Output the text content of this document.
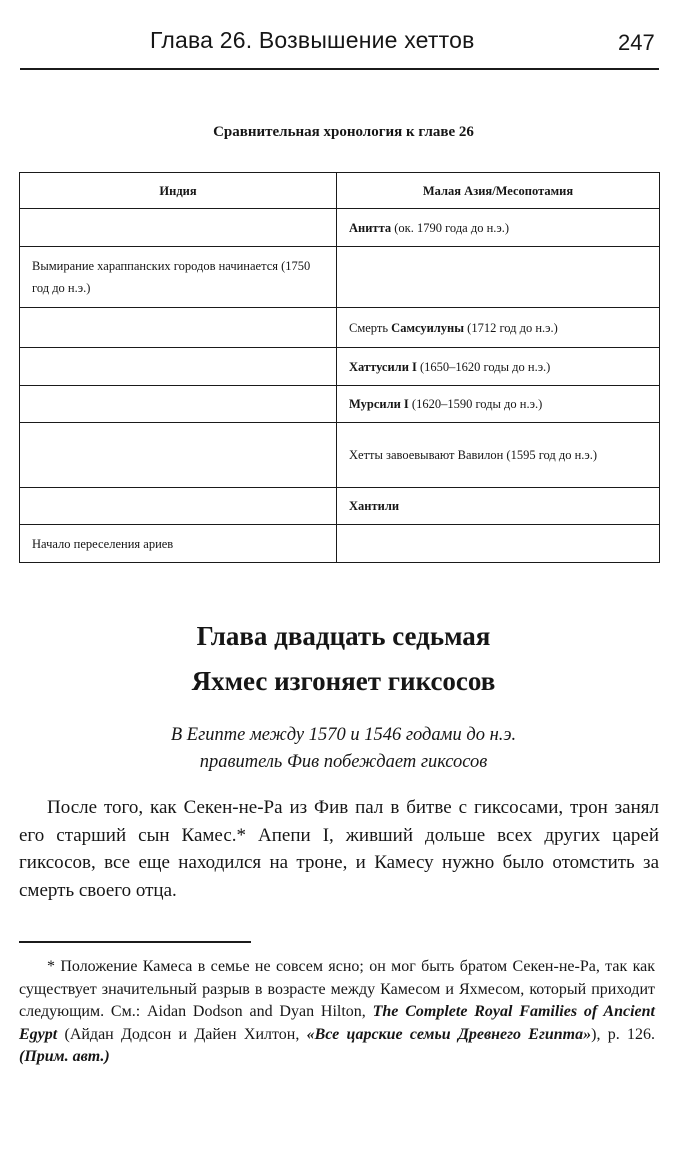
Глава 26. Возвышение хеттов	247
Сравнительная хронология к главе 26
Индия	Малая Азия/Месопотамия
	Анитта (ок. 1790 года до н.э.)
Вымирание хараппанских городов начинается (1750 год до н.э.)	
	Смерть Самсуилуны (1712 год до н.э.)
	Хаттусили I (1650–1620 годы до н.э.)
	Мурсили I (1620–1590 годы до н.э.)
	Хетты завоевывают Вавилон (1595 год до н.э.)
	Хантили
Начало переселения ариев	
Глава двадцать седьмая
Яхмес изгоняет гиксосов
В Египте между 1570 и 1546 годами до н.э.
правитель Фив побеждает гиксосов

После того, как Секен-не-Ра из Фив пал в битве с гиксосами, трон занял его старший сын Камес.* Апепи I, живший дольше всех других царей гиксосов, все еще находился на троне, и Камесу нужно было отомстить за смерть своего отца.

* Положение Камеса в семье не совсем ясно; он мог быть братом Секен-не-Ра, так как существует значительный разрыв в возрасте между Камесом и Яхмесом, который приходит следующим. См.: Aidan Dodson and Dyan Hilton, The Complete Royal Families of Ancient Egypt (Айдан Додсон и Дайен Хилтон, «Все царские семьи Древнего Египта»), p. 126. (Прим. авт.)
